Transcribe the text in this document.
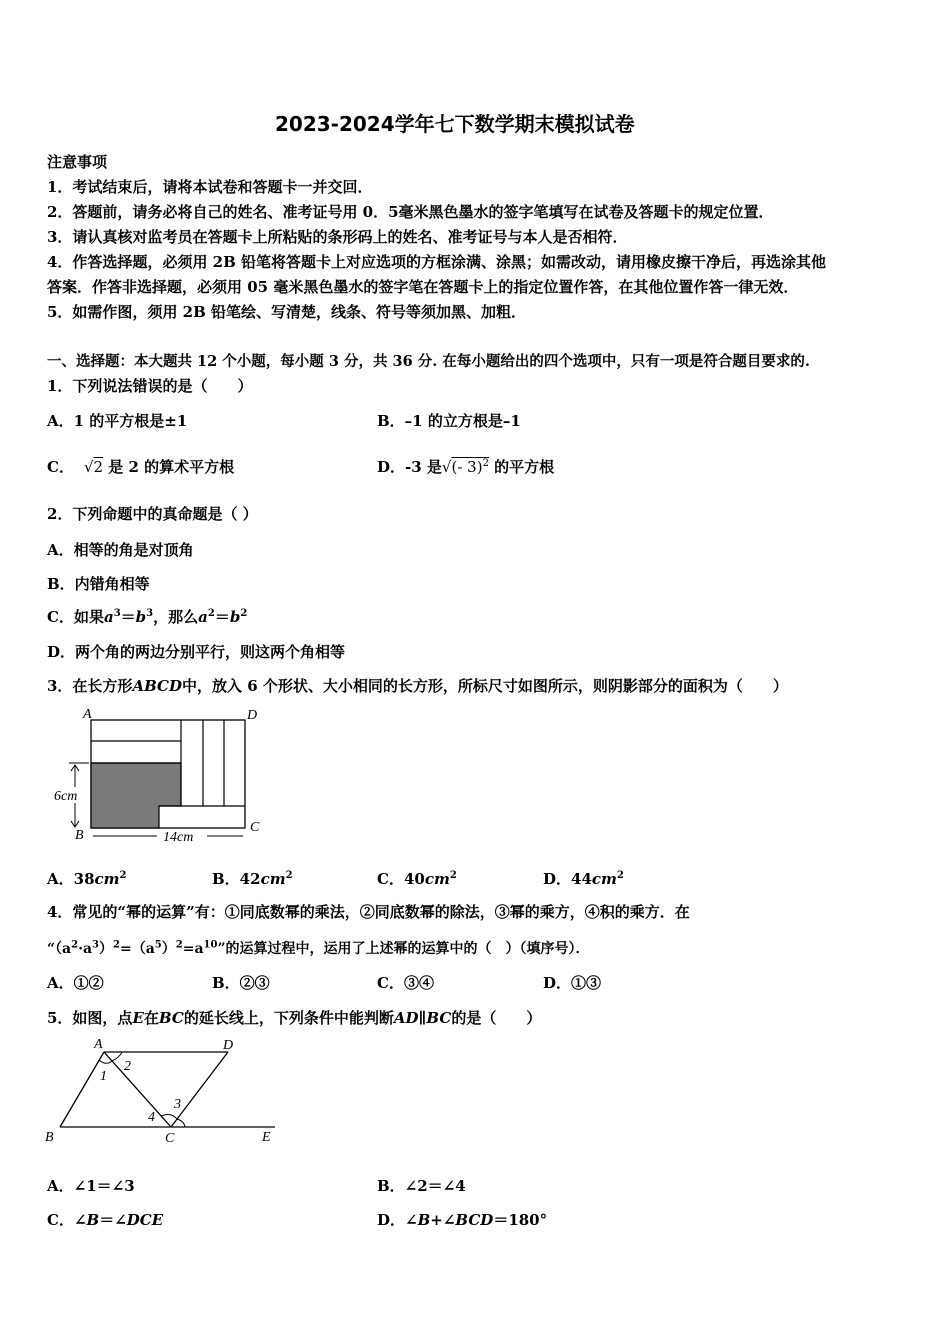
2023-2024学年七下数学期末模拟试卷
注意事项
1．考试结束后，请将本试卷和答题卡一并交回．
2．答题前，请务必将自己的姓名、准考证号用 0．5毫米黑色墨水的签字笔填写在试卷及答题卡的规定位置．
3．请认真核对监考员在答题卡上所粘贴的条形码上的姓名、准考证号与本人是否相符．
4．作答选择题，必须用 2B 铅笔将答题卡上对应选项的方框涂满、涂黑；如需改动，请用橡皮擦干净后，再选涂其他
答案．作答非选择题，必须用 05 毫米黑色墨水的签字笔在答题卡上的指定位置作答，在其他位置作答一律无效．
5．如需作图，须用 2B 铅笔绘、写清楚，线条、符号等须加黑、加粗．
一、选择题：本大题共 12 个小题，每小题 3 分，共 36 分. 在每小题给出的四个选项中，只有一项是符合题目要求的.
1．下列说法错误的是（　　）
A．1 的平方根是±1	B．–1 的立方根是–1
C． √2 是 2 的算术平方根	D．-3 是√(- 3)$^2$ 的平方根
2．下列命题中的真命题是（ ）
A．相等的角是对顶角
B．内错角相等
C．如果$a^3=b^3$，那么$a^2=b^2$
D．两个角的两边分别平行，则这两个角相等
3．在长方形ABCD中，放入 6 个形状、大小相同的长方形，所标尺寸如图所示，则阴影部分的面积为（　　）
A	D
B
C
6cm
14cm
A．$38cm^2$	B．$42cm^2$	C．$40cm^2$	D．$44cm^2$
4．常见的“幂的运算”有：①同底数幂的乘法，②同底数幂的除法，③幂的乘方，④积的乘方．在
“$(a^2\cdot a^3)^2=(a^5)^2=a^{10}$”的运算过程中，运用了上述幂的运算中的（　）（填序号）．
A．①②	B．②③	C．③④	D．①③
5．如图，点E在BC的延长线上，下列条件中能判断AD∥BC的是（　　）
A	D
B	C	E
1
2
3
4
A．∠1＝∠3	B．∠2＝∠4
C．∠B＝∠DCE	D．∠B+∠BCD＝180°
